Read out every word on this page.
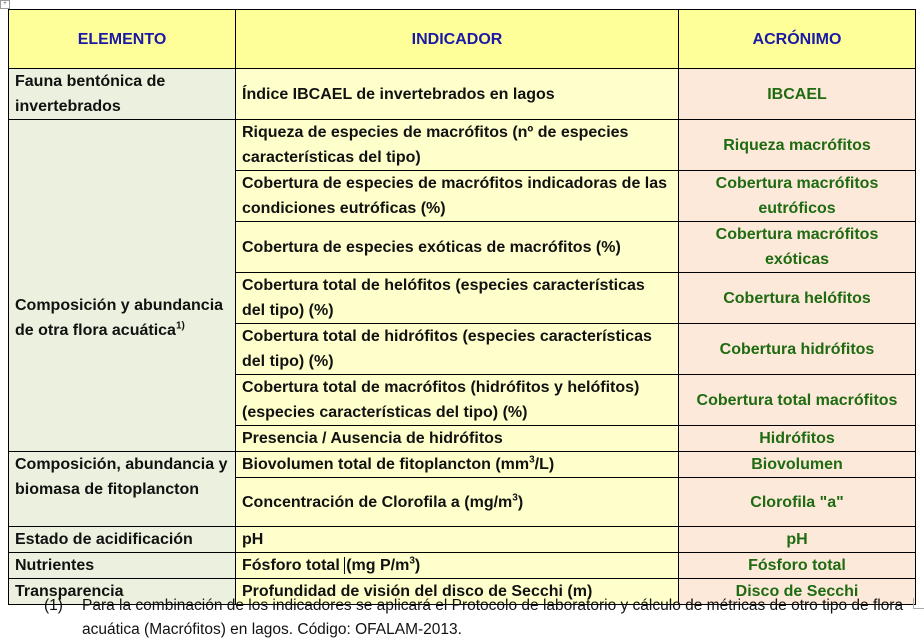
+
ELEMENTO	INDICADOR	ACRÓNIMO
Fauna bentónica de invertebrados	Índice IBCAEL de invertebrados en lagos	IBCAEL
Composición y abundancia de otra flora acuática$^{1)}$	Riqueza de especies de macrófitos (nº de especies características del tipo)	Riqueza macrófitos
	Cobertura de especies de macrófitos indicadoras de las condiciones eutróficas (%)	Cobertura macrófitos eutróficos
	Cobertura de especies exóticas de macrófitos (%)	Cobertura macrófitos exóticas
	Cobertura total de helófitos (especies características del tipo) (%)	Cobertura helófitos
	Cobertura total de hidrófitos (especies características del tipo) (%)	Cobertura hidrófitos
	Cobertura total de macrófitos (hidrófitos y helófitos) (especies características del tipo) (%)	Cobertura total macrófitos
	Presencia / Ausencia de hidrófitos	Hidrófitos
Composición, abundancia y biomasa de fitoplancton	Biovolumen total de fitoplancton $(mm^3/L)$	Biovolumen
	Concentración de Clorofila a $(mg/m^3)$	Clorofila "a"
Estado de acidificación	pH	pH
Nutrientes	Fósforo total (mg $P/m^3$)	Fósforo total
Transparencia	Profundidad de visión del disco de Secchi (m)	Disco de Secchi
(1) Para la combinación de los indicadores se aplicará el Protocolo de laboratorio y cálculo de métricas de otro tipo de flora acuática (Macrófitos) en lagos. Código: OFALAM-2013.
